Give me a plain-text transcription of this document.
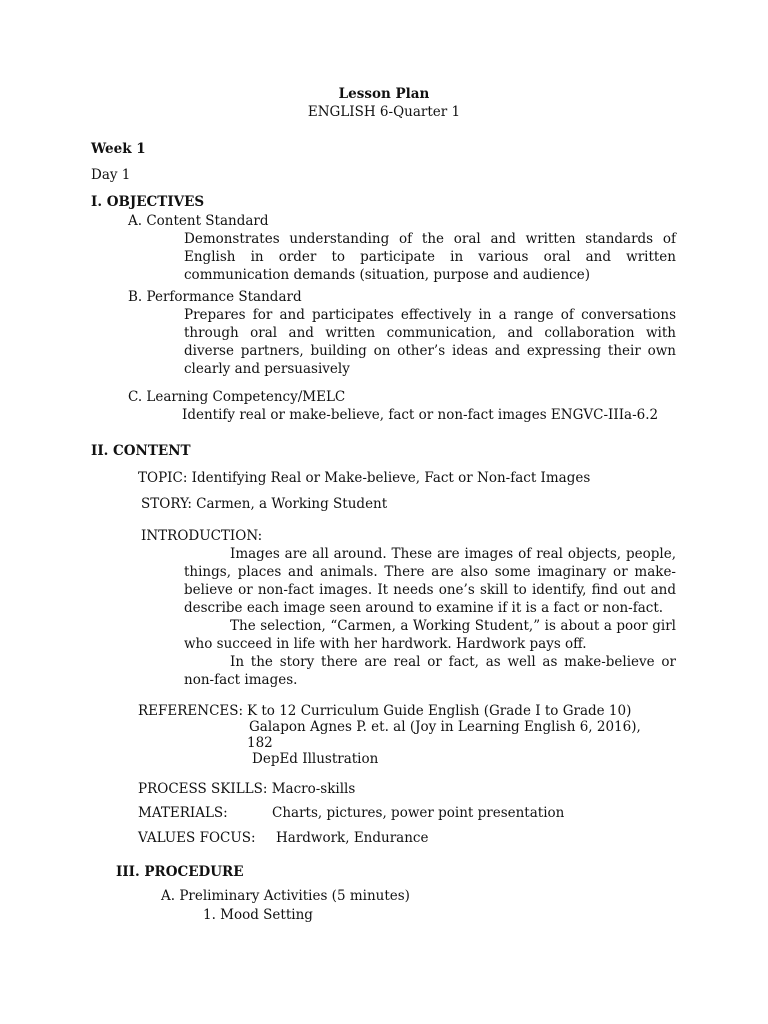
Lesson Plan
ENGLISH 6-Quarter 1
Week 1
Day 1
I. OBJECTIVES
A. Content Standard
Demonstrates understanding of the oral and written standards of English in order to participate in various oral and written communication demands (situation, purpose and audience)
B. Performance Standard
Prepares for and participates effectively in a range of conversations through oral and written communication, and collaboration with diverse partners, building on other’s ideas and expressing their own clearly and persuasively
C. Learning Competency/MELC
Identify real or make-believe, fact or non-fact images ENGVC-IIIa-6.2
II. CONTENT
TOPIC: Identifying Real or Make-believe, Fact or Non-fact Images
STORY: Carmen, a Working Student
INTRODUCTION:

Images are all around. These are images of real objects, people, things, places and animals. There are also some imaginary or make-believe or non-fact images. It needs one’s skill to identify, find out and describe each image seen around to examine if it is a fact or non-fact.

The selection, “Carmen, a Working Student,” is about a poor girl who succeed in life with her hardwork. Hardwork pays off.

In the story there are real or fact, as well as make-believe or non-fact images.

REFERENCES: K to 12 Curriculum Guide English (Grade I to Grade 10)
Galapon Agnes P. et. al (Joy in Learning English 6, 2016),
182
DepEd Illustration
PROCESS SKILLS: Macro-skills
MATERIALS:	Charts, pictures, power point presentation
VALUES FOCUS: Hardwork, Endurance
III. PROCEDURE
A. Preliminary Activities (5 minutes)
1. Mood Setting
